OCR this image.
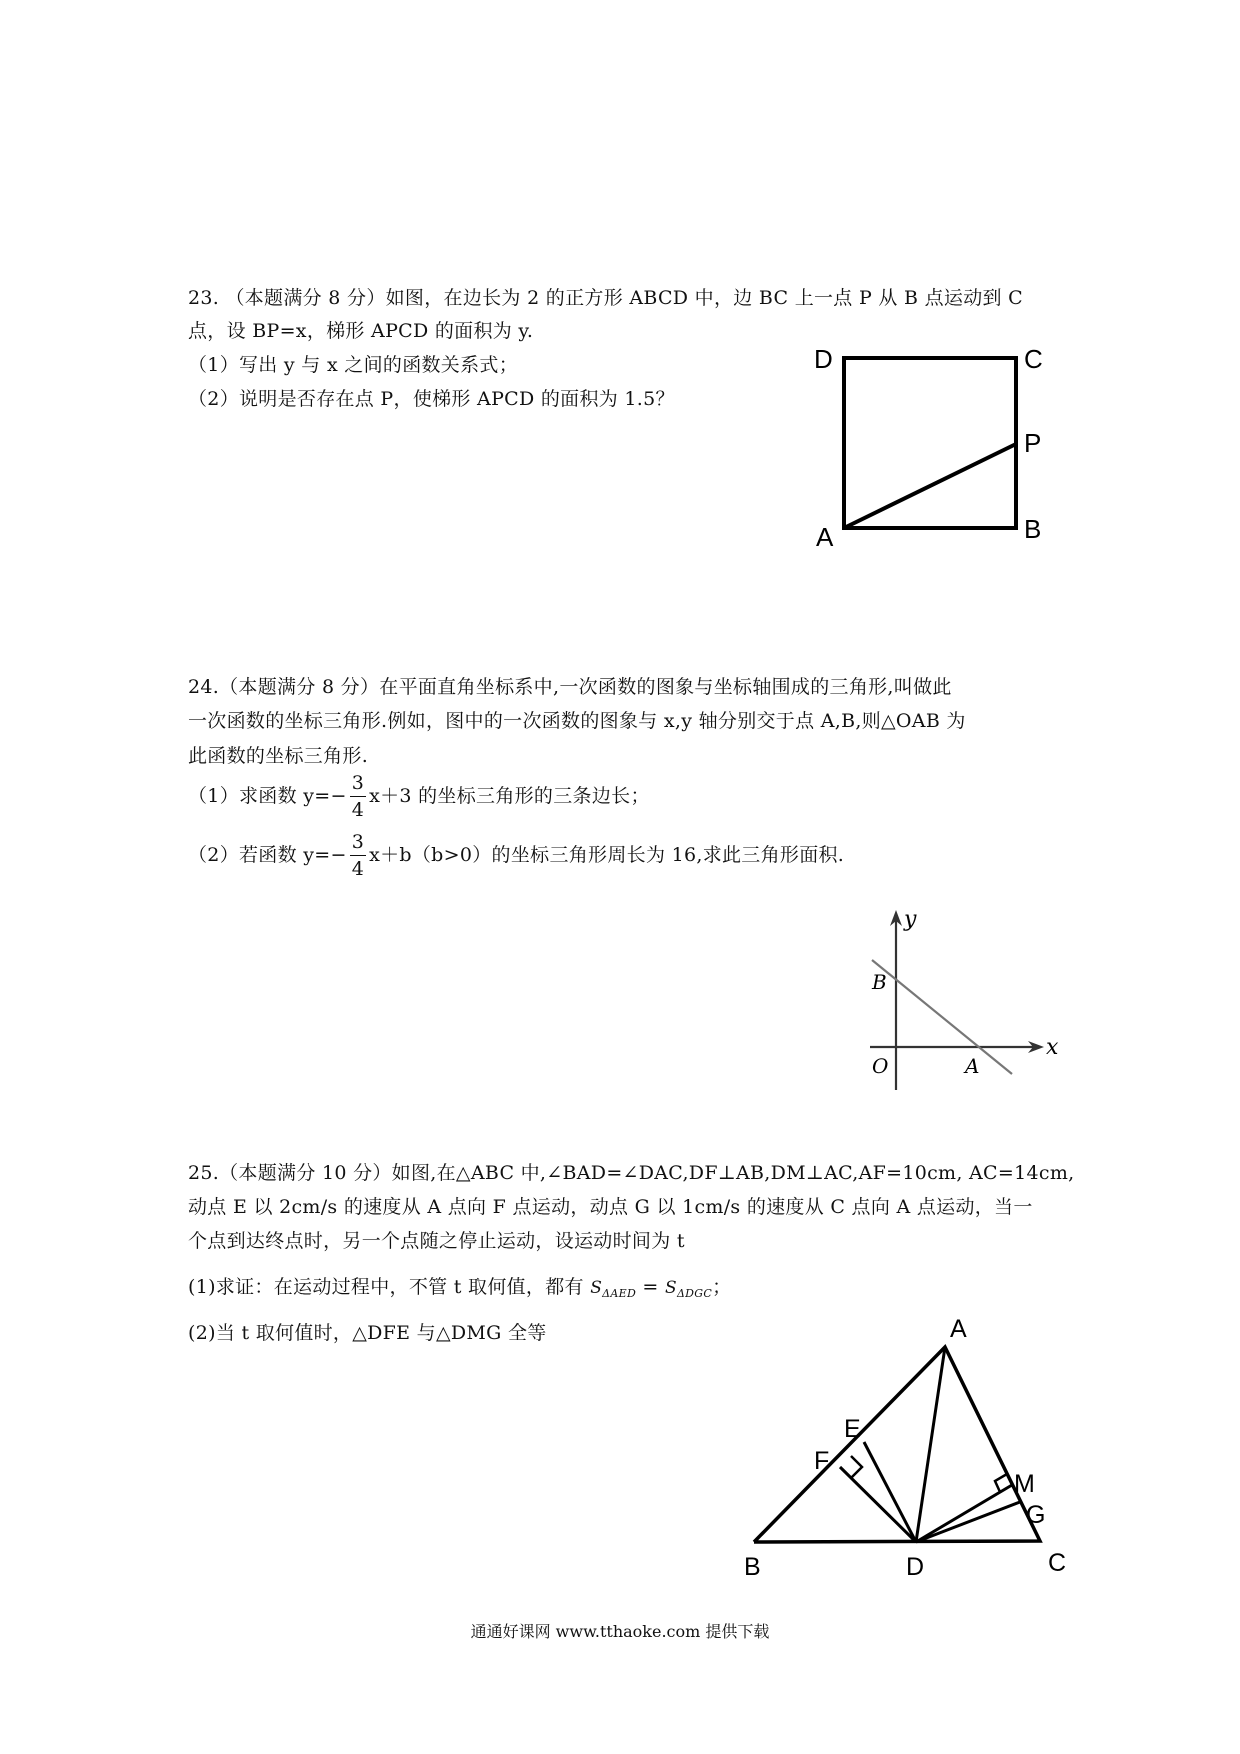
23. （本题满分 8 分）如图，在边长为 2 的正方形 ABCD 中，边 BC 上一点 P 从 B 点运动到 C
点，设 BP=x，梯形 APCD 的面积为 y.
（1）写出 y 与 x 之间的函数关系式；
（2）说明是否存在点 P，使梯形 APCD 的面积为 1.5？
D	C
P
A	B
24.（本题满分 8 分）在平面直角坐标系中,一次函数的图象与坐标轴围成的三角形,叫做此
一次函数的坐标三角形.例如，图中的一次函数的图象与 x,y 轴分别交于点 A,B,则△OAB 为
此函数的坐标三角形.
（1）求函数 $y=- \frac{3}{4} x+3$ 的坐标三角形的三条边长；
（2）若函数 $y=- \frac{3}{4} x+b(b>0)$的坐标三角形周长为 16,求此三角形面积.
y
x
B
O	A
25.（本题满分 10 分）如图,在△ABC 中,∠BAD=∠DAC,DF⊥AB,DM⊥AC,AF=10cm, AC=14cm,
动点 E 以 2cm/s 的速度从 A 点向 F 点运动，动点 G 以 1cm/s 的速度从 C 点向 A 点运动，当一
个点到达终点时，另一个点随之停止运动，设运动时间为 t
(1)求证：在运动过程中，不管 t 取何值，都有 $S_{\Delta AED} = S_{\Delta DGC}$；
(2)当 t 取何值时，△DFE 与△DMG 全等	A
E
F
M
G
B	D	C
通通好课网 www.tthaoke.com 提供下载
